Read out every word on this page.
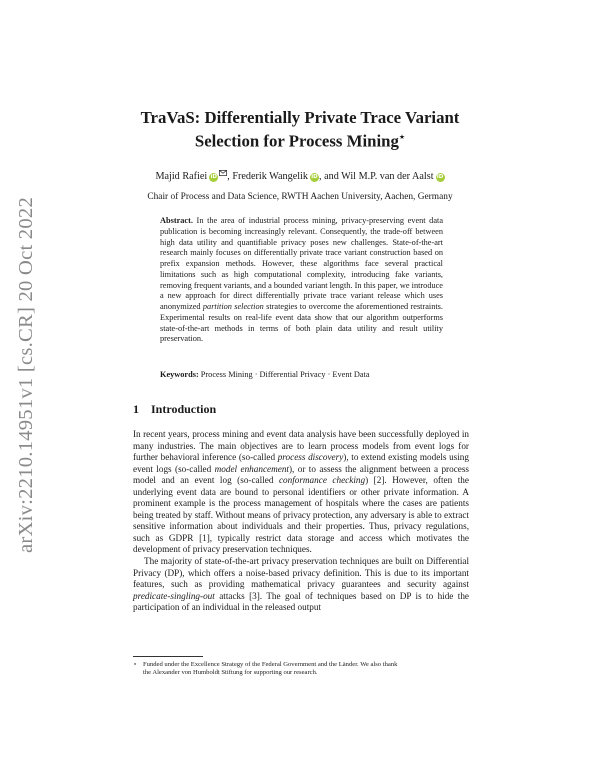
arXiv:2210.14951v1 [cs.CR] 20 Oct 2022
TraVaS: Differentially Private Trace Variant
Selection for Process Mining⋆
Majid Rafiei iD , Frederik Wangelik iD, and Wil M.P. van der Aalst iD
Chair of Process and Data Science, RWTH Aachen University, Aachen, Germany
Abstract. In the area of industrial process mining, privacy-preserving event data publication is becoming increasingly relevant. Consequently, the trade-off between high data utility and quantifiable privacy poses new challenges. State-of-the-art research mainly focuses on differentially private trace variant construction based on prefix expansion methods. However, these algorithms face several practical limitations such as high computational complexity, introducing fake variants, removing frequent variants, and a bounded variant length. In this paper, we introduce a new approach for direct differentially private trace variant release which uses anonymized partition selection strategies to overcome the aforementioned restraints. Experimental results on real-life event data show that our algorithm outperforms state-of-the-art methods in terms of both plain data utility and result utility preservation.
Keywords: Process Mining · Differential Privacy · Event Data
1 Introduction

In recent years, process mining and event data analysis have been successfully deployed in many industries. The main objectives are to learn process models from event logs for further behavioral inference (so-called process discovery), to extend existing models using event logs (so-called model enhancement), or to assess the alignment between a process model and an event log (so-called conformance checking) [2]. However, often the underlying event data are bound to personal identifiers or other private information. A prominent example is the process management of hospitals where the cases are patients being treated by staff. Without means of privacy protection, any adversary is able to extract sensitive information about individuals and their properties. Thus, privacy regulations, such as GDPR [1], typically restrict data storage and access which motivates the development of privacy preservation techniques.

The majority of state-of-the-art privacy preservation techniques are built on Differential Privacy (DP), which offers a noise-based privacy definition. This is due to its important features, such as providing mathematical privacy guarantees and security against predicate-singling-out attacks [3]. The goal of techniques based on DP is to hide the participation of an individual in the released output

⋆ Funded under the Excellence Strategy of the Federal Government and the Länder. We also thank
the Alexander von Humboldt Stiftung for supporting our research.
